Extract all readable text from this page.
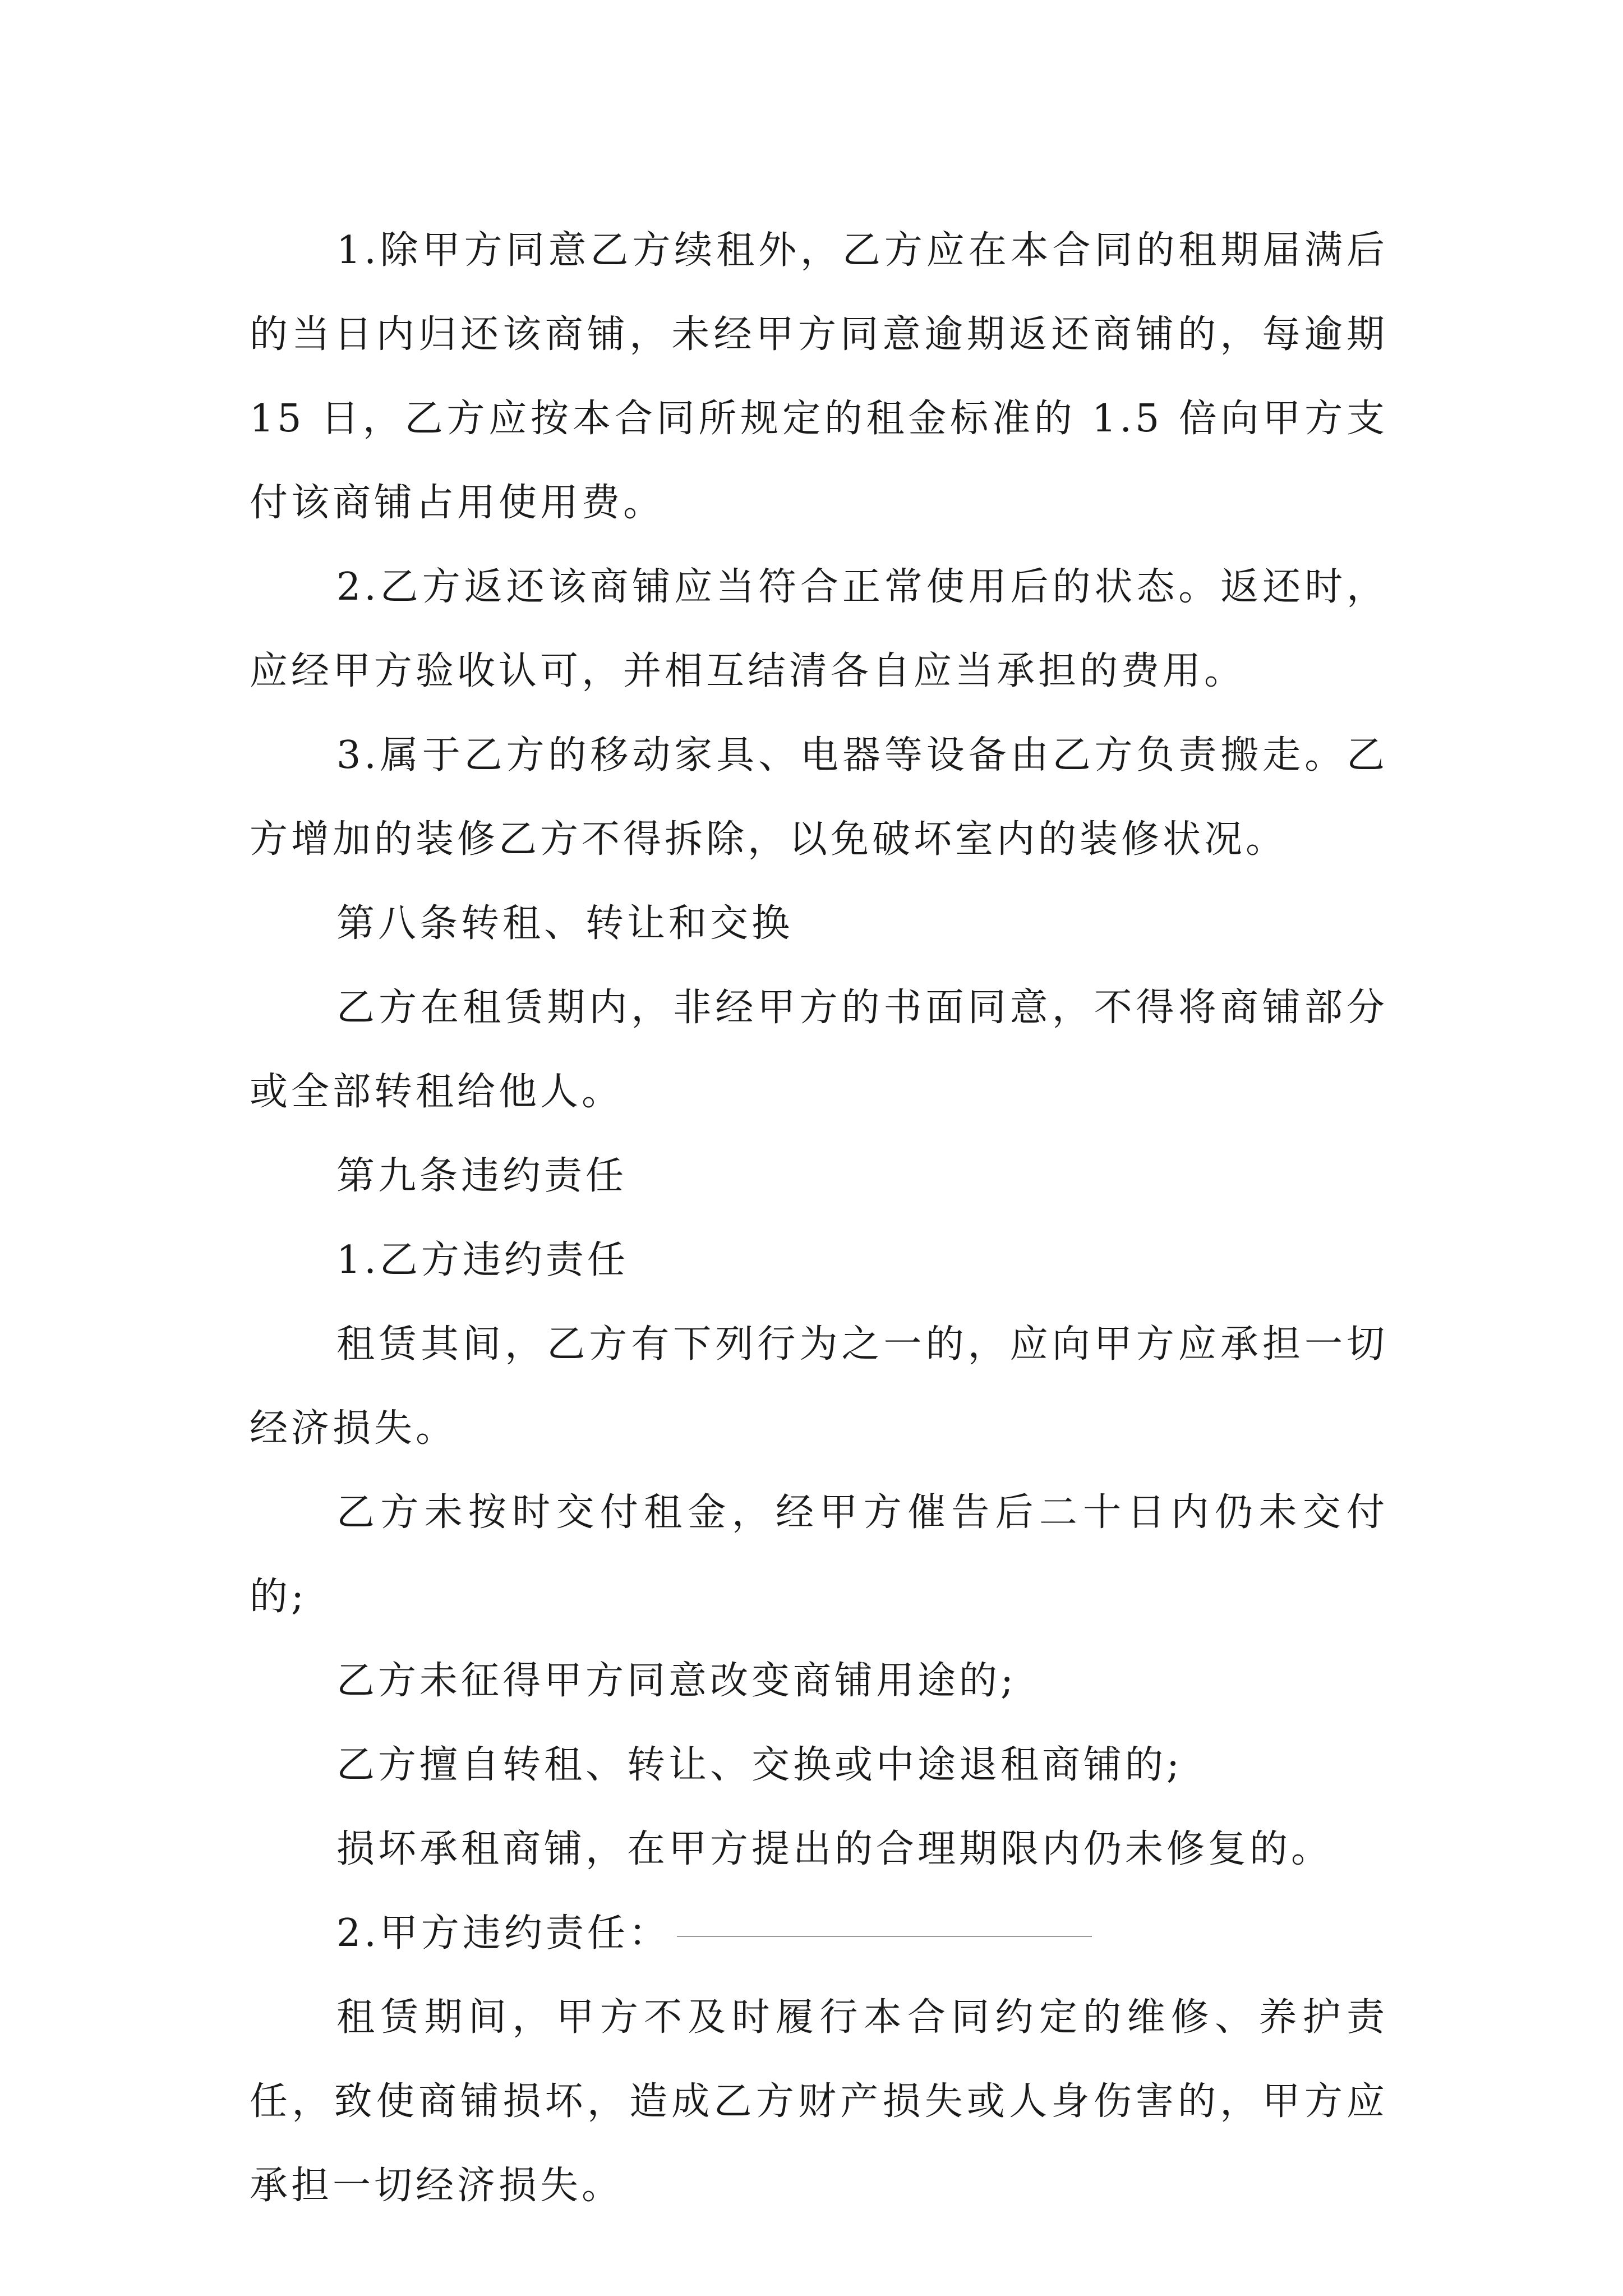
1.除甲方同意乙方续租外，乙方应在本合同的租期届满后的当日内归还该商铺，未经甲方同意逾期返还商铺的，每逾期 15 日，乙方应按本合同所规定的租金标准的 1.5 倍向甲方支付该商铺占用使用费。

2.乙方返还该商铺应当符合正常使用后的状态。返还时，应经甲方验收认可，并相互结清各自应当承担的费用。

3.属于乙方的移动家具、电器等设备由乙方负责搬走。乙方增加的装修乙方不得拆除，以免破坏室内的装修状况。

第八条转租、转让和交换

乙方在租赁期内，非经甲方的书面同意，不得将商铺部分或全部转租给他人。

第九条违约责任

1.乙方违约责任

租赁其间，乙方有下列行为之一的，应向甲方应承担一切经济损失。

乙方未按时交付租金，经甲方催告后二十日内仍未交付的;

乙方未征得甲方同意改变商铺用途的;

乙方擅自转租、转让、交换或中途退租商铺的;

损坏承租商铺，在甲方提出的合理期限内仍未修复的。

2.甲方违约责任：

租赁期间，甲方不及时履行本合同约定的维修、养护责任，致使商铺损坏，造成乙方财产损失或人身伤害的，甲方应承担一切经济损失。
